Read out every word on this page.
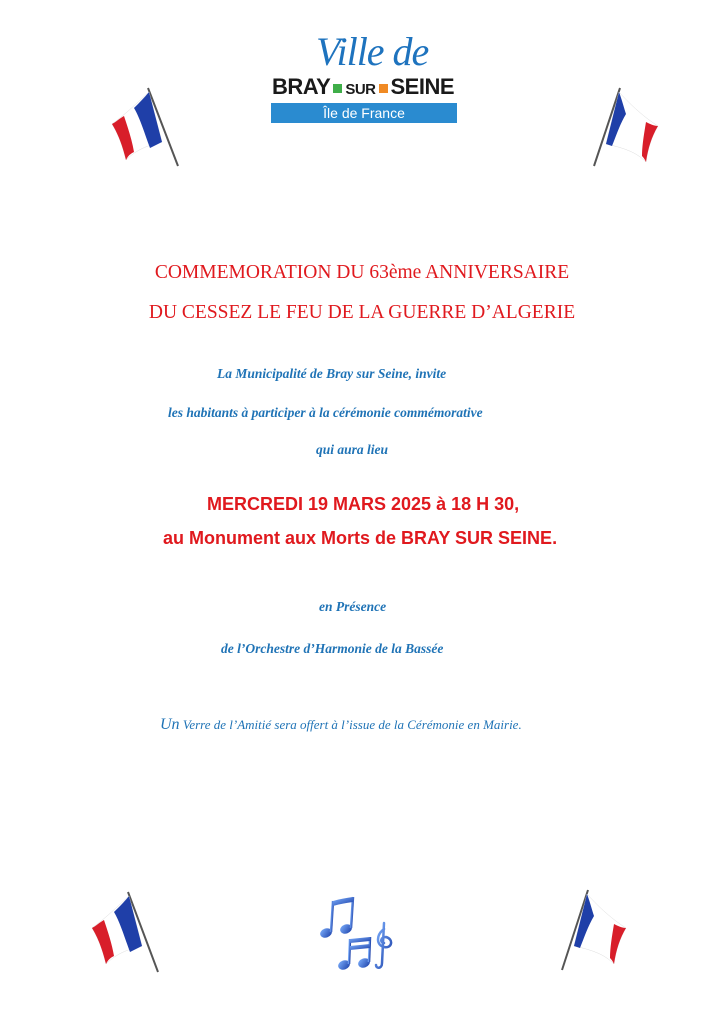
Ville de
BRAY SUR SEINE
Île de France
COMMEMORATION DU 63ème ANNIVERSAIRE
DU CESSEZ LE FEU DE LA GUERRE D’ALGERIE
La Municipalité de Bray sur Seine, invite
les habitants à participer à la cérémonie commémorative
qui aura lieu
MERCREDI 19 MARS 2025 à 18 H 30,
au Monument aux Morts de BRAY SUR SEINE.
en Présence
de l’Orchestre d’Harmonie de la Bassée
Un Verre de l’Amitié sera offert à l’issue de la Cérémonie en Mairie.
